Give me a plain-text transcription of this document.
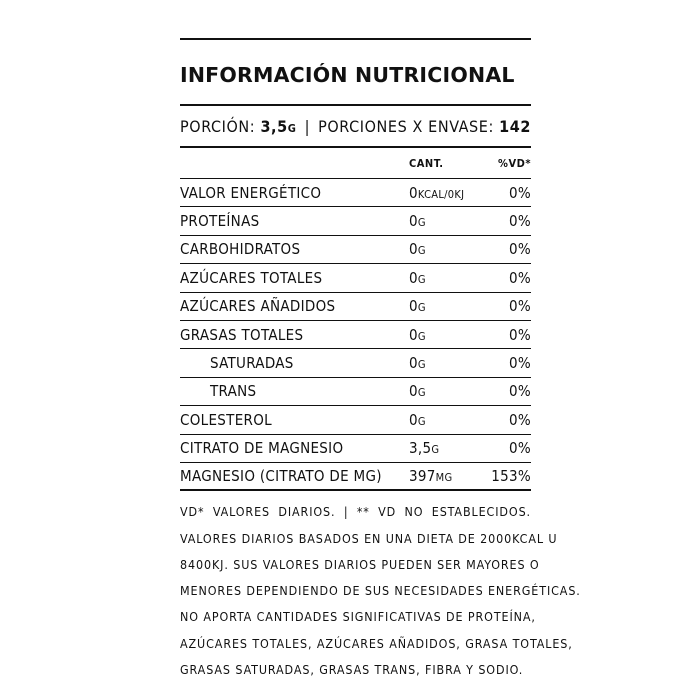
INFORMACIÓN NUTRICIONAL
PORCIÓN: 3,5G | PORCIONES X ENVASE: 142
CANT.	%VD*
VALOR ENERGÉTICO	0KCAL/0KJ	0%
PROTEÍNAS	0G	0%
CARBOHIDRATOS	0G	0%
AZÚCARES TOTALES	0G	0%
AZÚCARES AÑADIDOS	0G	0%
GRASAS TOTALES	0G	0%
SATURADAS	0G	0%
TRANS	0G	0%
COLESTEROL	0G	0%
CITRATO DE MAGNESIO	3,5G	0%
MAGNESIO (CITRATO DE MG)	397MG	153%
VD* VALORES DIARIOS. | ** VD NO ESTABLECIDOS.
VALORES DIARIOS BASADOS EN UNA DIETA DE 2000KCAL U
8400KJ. SUS VALORES DIARIOS PUEDEN SER MAYORES O
MENORES DEPENDIENDO DE SUS NECESIDADES ENERGÉTICAS.
NO APORTA CANTIDADES SIGNIFICATIVAS DE PROTEÍNA,
AZÚCARES TOTALES, AZÚCARES AÑADIDOS, GRASA TOTALES,
GRASAS SATURADAS, GRASAS TRANS, FIBRA Y SODIO.
